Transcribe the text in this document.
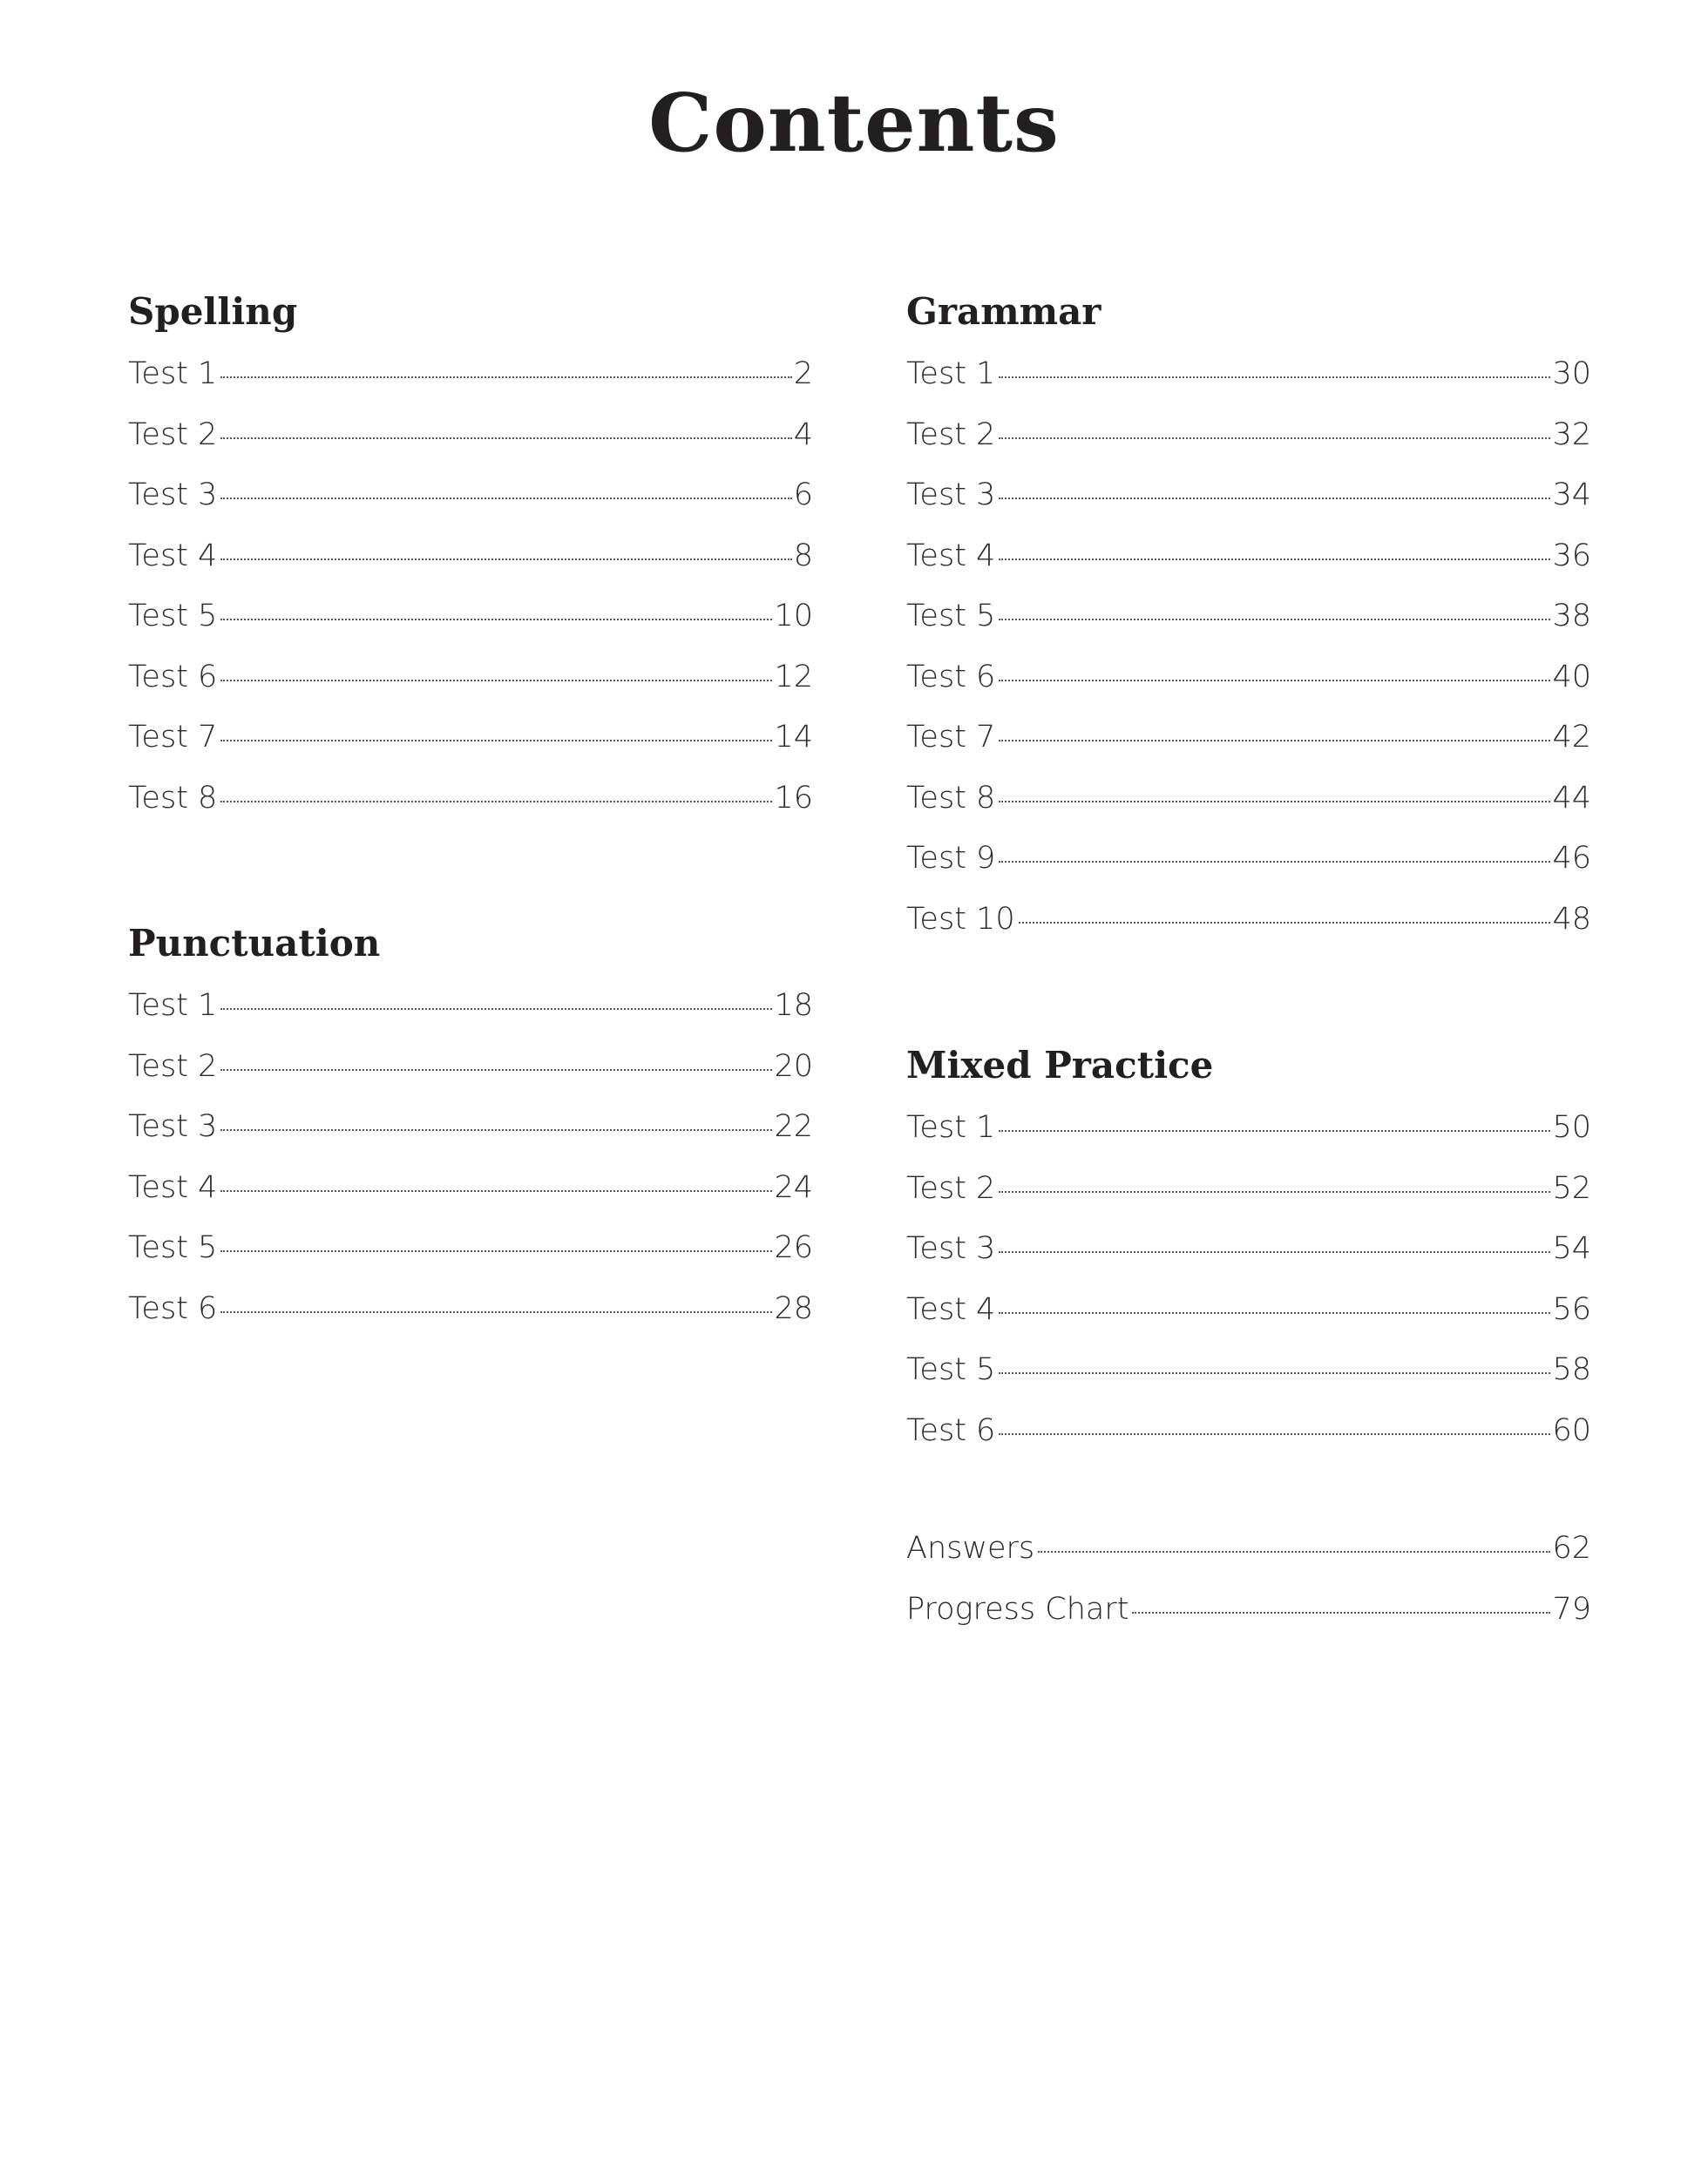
Contents
Spelling
Test 1	2
Test 2	4
Test 3	6
Test 4	8
Test 5	10
Test 6	12
Test 7	14
Test 8	16
Punctuation
Test 1	18
Test 2	20
Test 3	22
Test 4	24
Test 5	26
Test 6	28
Grammar
Test 1	30
Test 2	32
Test 3	34
Test 4	36
Test 5	38
Test 6	40
Test 7	42
Test 8	44
Test 9	46
Test 10	48
Mixed Practice
Test 1	50
Test 2	52
Test 3	54
Test 4	56
Test 5	58
Test 6	60
Answers	62
Progress Chart	79
